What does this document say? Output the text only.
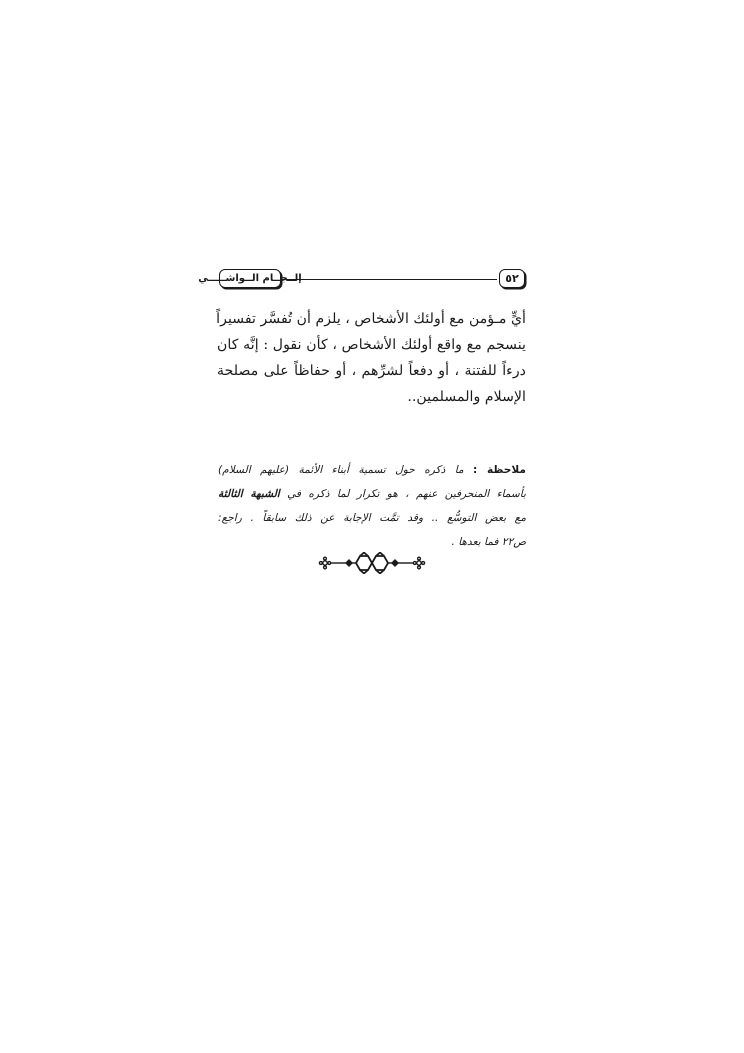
إلــجــام الــواشـــــي	٥٢
أيٍّ مـؤمن مع أولئك الأشخاص ، يلزم أن تُفسَّر تفسيراً
ينسجم مع واقع أولئك الأشخاص ، كأن نقول : إنَّه كان
درءاً للفتنة ، أو دفعاً لشرِّهم ، أو حفاظاً على مصلحة
الإسلام والمسلمين..
ملاحظة : ما ذكره حول تسمية أبناء الأئمة (عليهم السلام)
بأسماء المنحرفين عنهم ، هو تكرار لما ذكره في الشبهة الثالثة
مع بعض التوسُّع .. وقد تمَّت الإجابة عن ذلك سابقاً . راجع:
ص٢٢ فما بعدها .
